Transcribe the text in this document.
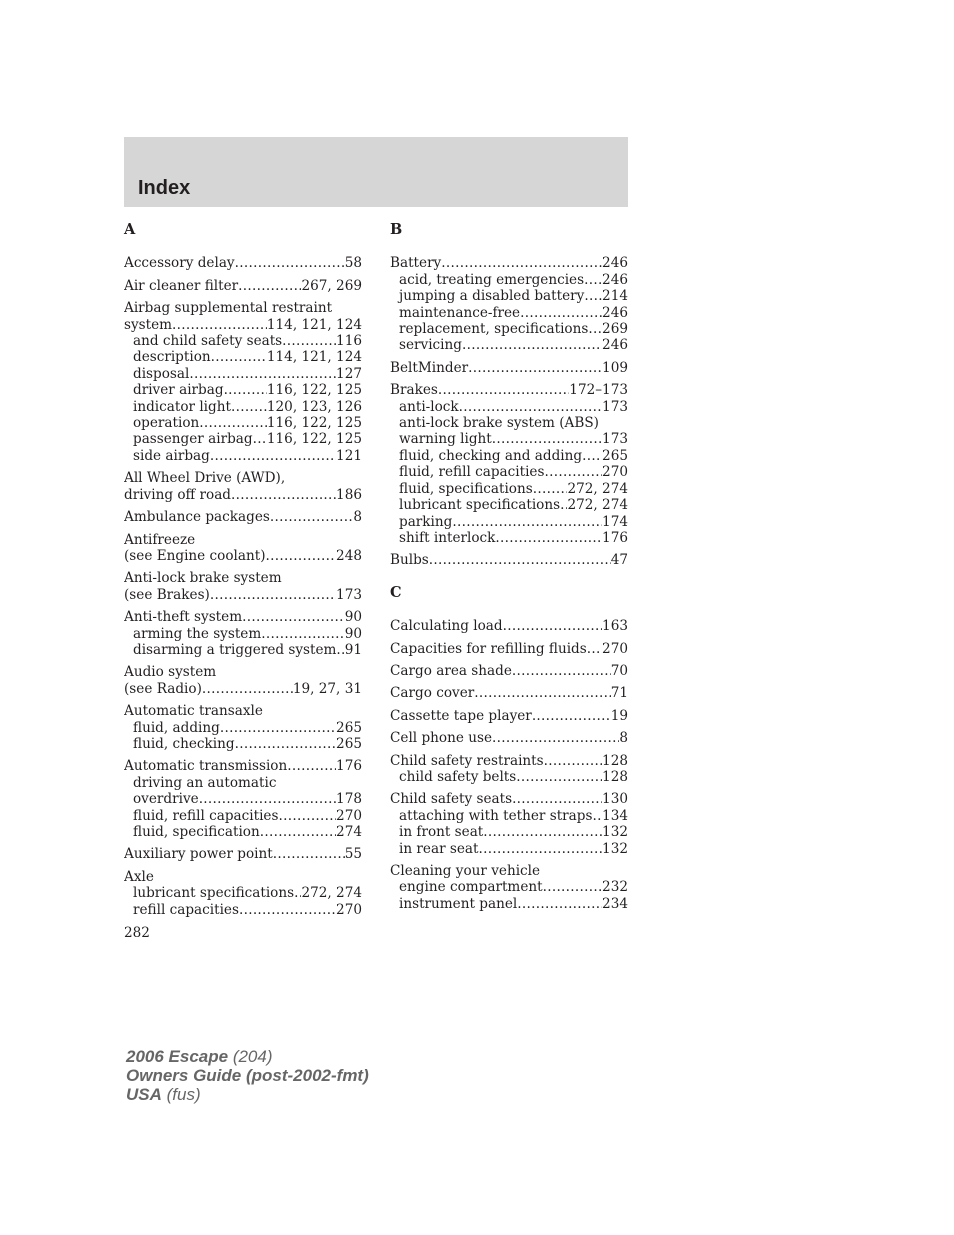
Index
A
Accessory delay .....	58
Air cleaner filter .....	267, 269
Airbag supplemental restraint
system .....	114, 121, 124
and child safety seats .....	116
description .....	114, 121, 124
disposal .....	127
driver airbag .....	116, 122, 125
indicator light .....	120, 123, 126
operation .....	116, 122, 125
passenger airbag ..... 116, 122, 125
side airbag .....	121
All Wheel Drive (AWD),
driving off road .....	186
Ambulance packages .....	8
Antifreeze
(see Engine coolant) .....	248
Anti-lock brake system
(see Brakes) .....	173
Anti-theft system .....	90
arming the system .....	90
disarming a triggered system ..... 91
Audio system
(see Radio) .....	19, 27, 31
Automatic transaxle
fluid, adding .....	265
fluid, checking .....	265
Automatic transmission .....	176
driving an automatic
overdrive .....	178
fluid, refill capacities .....	270
fluid, specification .....	274
Auxiliary power point .....	55
Axle
lubricant specifications ..... 272, 274
refill capacities .....	270
B
Battery .....	246
acid, treating emergencies ..... 246
jumping a disabled battery ..... 214
maintenance-free .....	246
replacement, specifications ..... 269
servicing .....	246
BeltMinder .....	109
Brakes .....	172–173
anti-lock .....	173
anti-lock brake system (ABS)
warning light .....	173
fluid, checking and adding ..... 265
fluid, refill capacities .....	270
fluid, specifications .....	272, 274
lubricant specifications ..... 272, 274
parking .....	174
shift interlock .....	176
Bulbs .....	47
C
Calculating load .....	163
Capacities for refilling fluids ..... 270
Cargo area shade .....	70
Cargo cover .....	71
Cassette tape player .....	19
Cell phone use .....	8
Child safety restraints .....	128
child safety belts .....	128
Child safety seats .....	130
attaching with tether straps ..... 134
in front seat .....	132
in rear seat .....	132
Cleaning your vehicle
engine compartment .....	232
instrument panel .....	234
282
2006 Escape (204)
Owners Guide (post-2002-fmt)
USA (fus)
